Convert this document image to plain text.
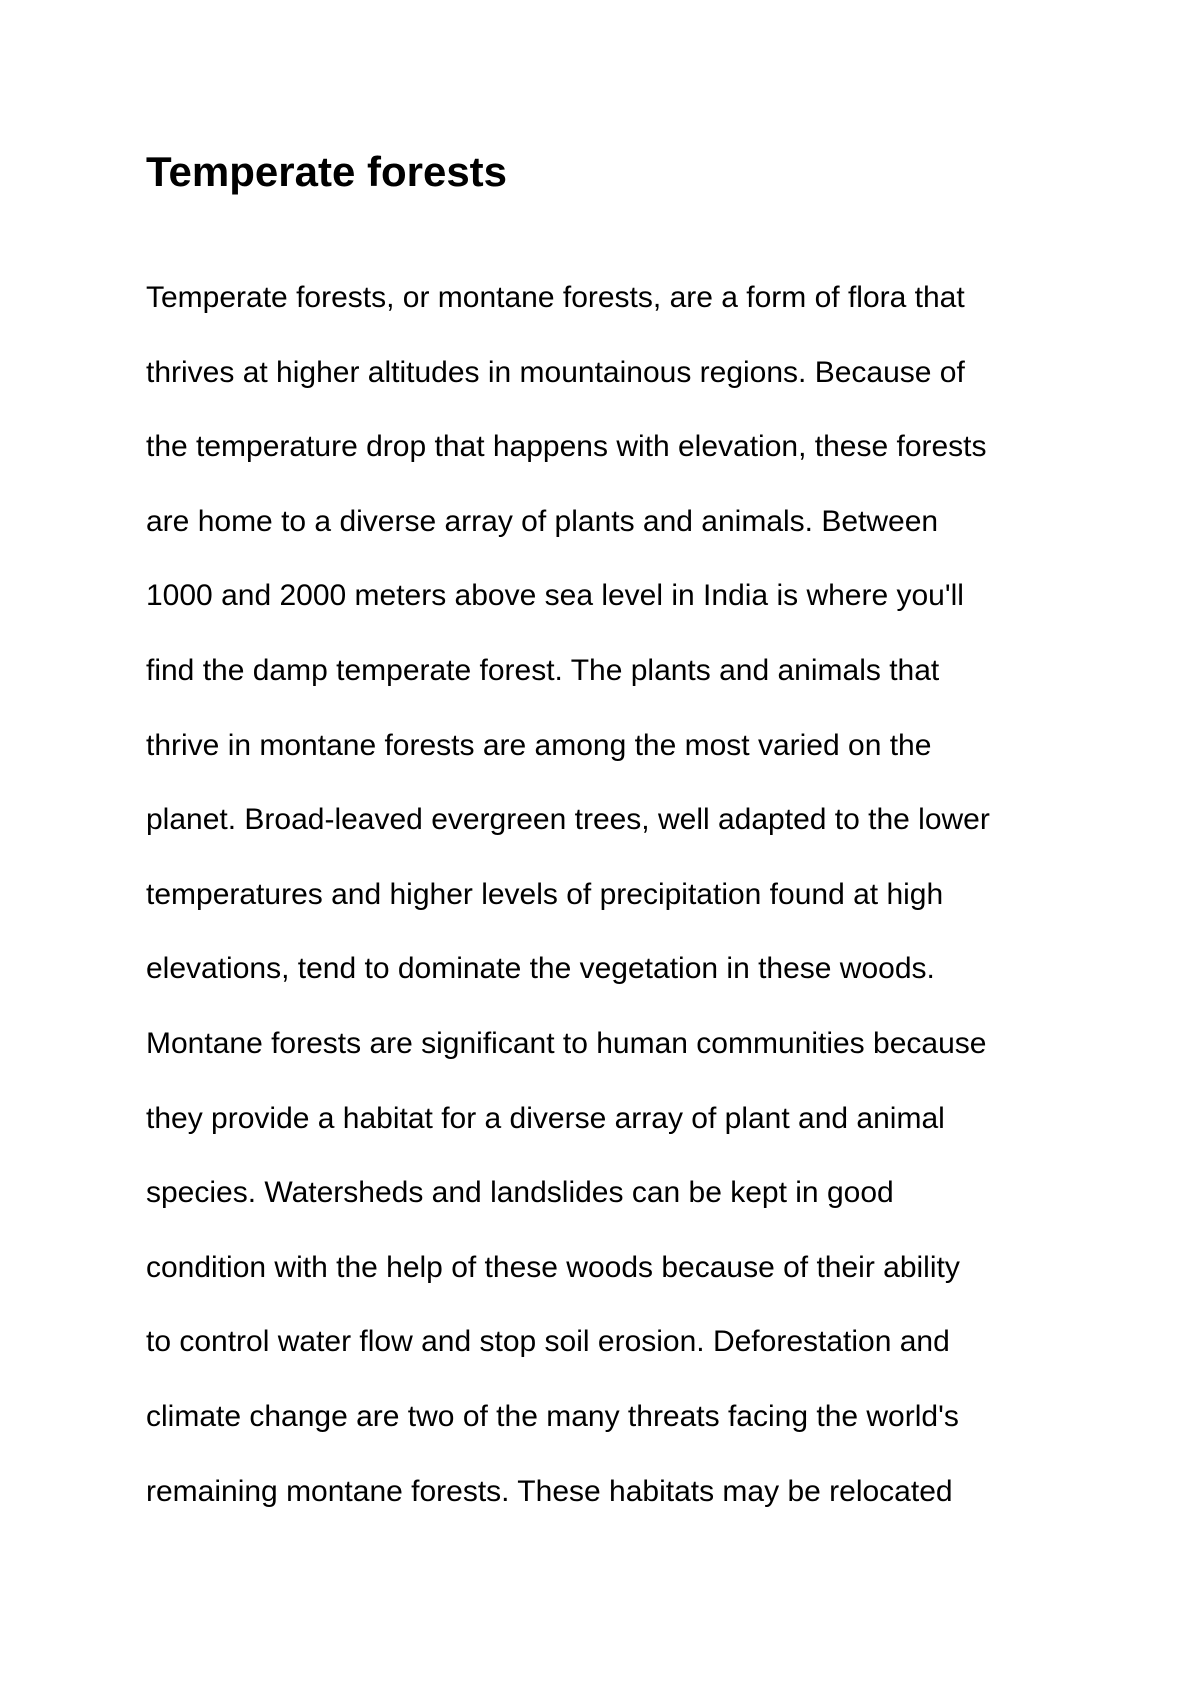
Temperate forests
Temperate forests, or montane forests, are a form of flora that
thrives at higher altitudes in mountainous regions. Because of
the temperature drop that happens with elevation, these forests
are home to a diverse array of plants and animals. Between
1000 and 2000 meters above sea level in India is where you'll
find the damp temperate forest. The plants and animals that
thrive in montane forests are among the most varied on the
planet. Broad-leaved evergreen trees, well adapted to the lower
temperatures and higher levels of precipitation found at high
elevations, tend to dominate the vegetation in these woods.
Montane forests are significant to human communities because
they provide a habitat for a diverse array of plant and animal
species. Watersheds and landslides can be kept in good
condition with the help of these woods because of their ability
to control water flow and stop soil erosion. Deforestation and
climate change are two of the many threats facing the world's
remaining montane forests. These habitats may be relocated
